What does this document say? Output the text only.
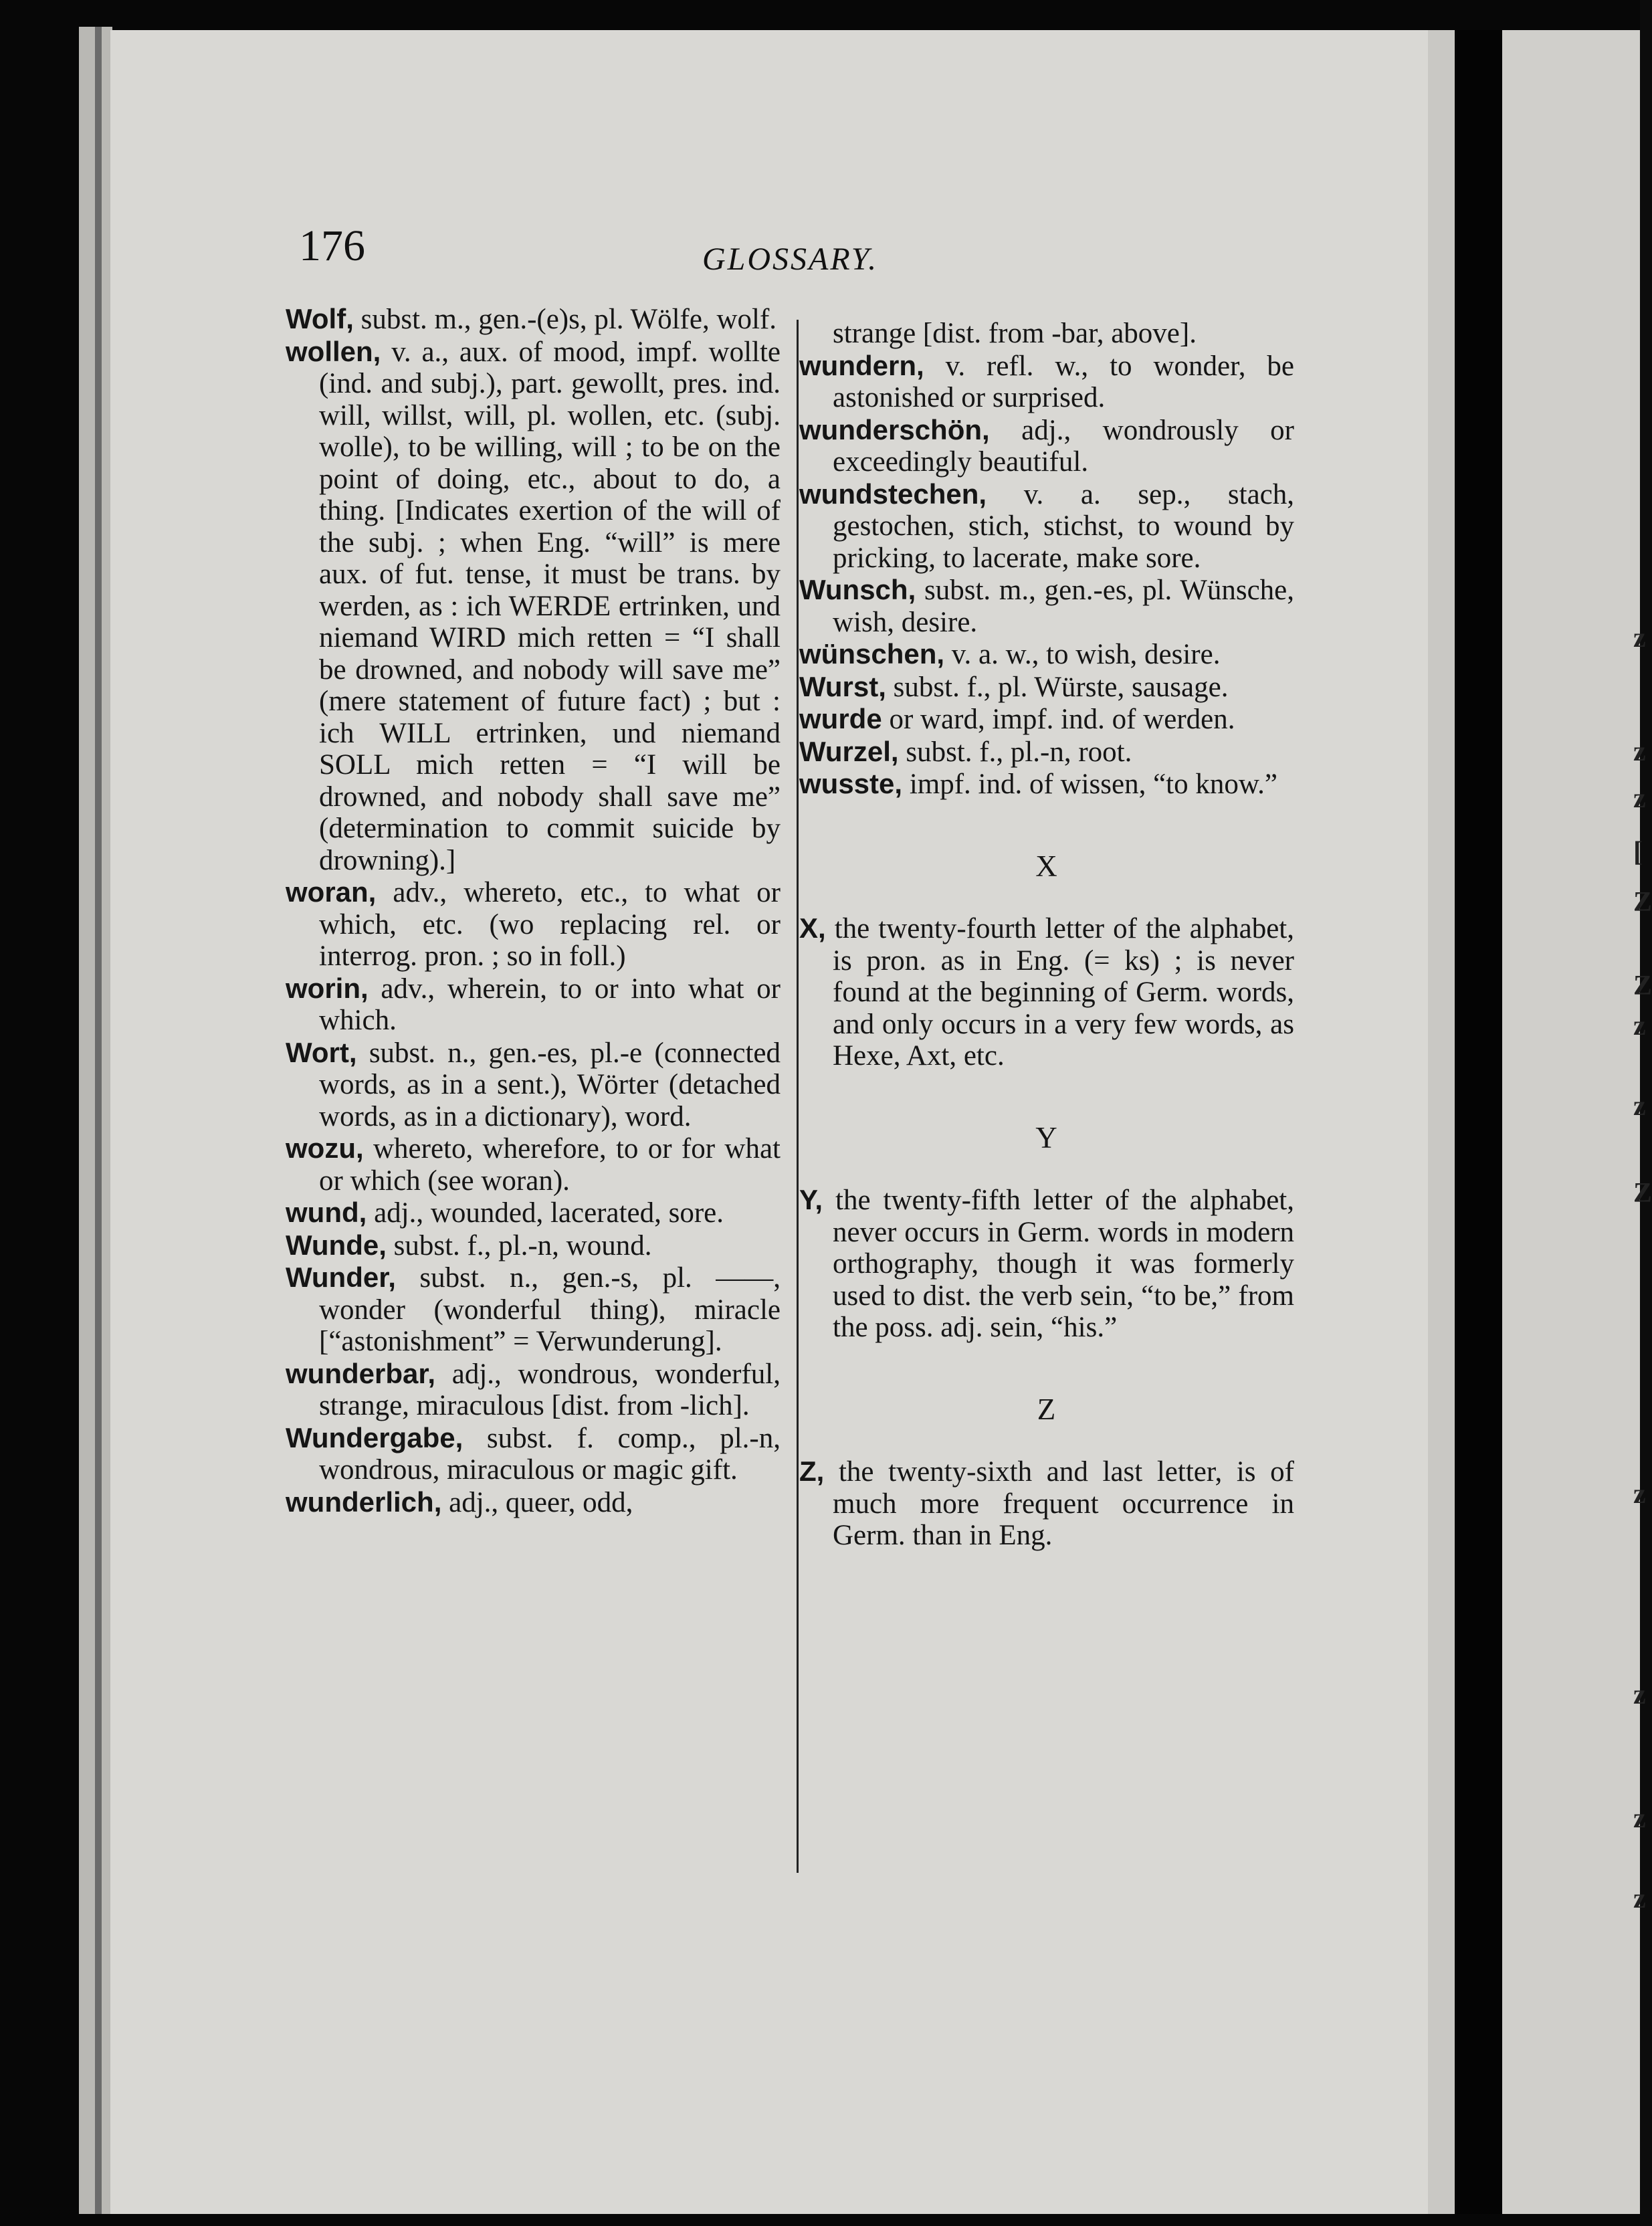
z
z
z
[
Z
Z
z
z
Z
z
z
z
z
176	GLOSSARY.

Wolf, subst. m., gen.-(e)s, pl. Wölfe, wolf.

wollen, v. a., aux. of mood, impf. wollte (ind. and subj.), part. gewollt, pres. ind. will, willst, will, pl. wollen, etc. (subj. wolle), to be willing, will ; to be on the point of doing, etc., about to do, a thing. [Indicates exertion of the will of the subj. ; when Eng. “will” is mere aux. of fut. tense, it must be trans. by werden, as : ich WERDE ertrinken, und niemand WIRD mich retten = “I shall be drowned, and nobody will save me” (mere statement of future fact) ; but : ich WILL ertrinken, und niemand SOLL mich retten = “I will be drowned, and nobody shall save me” (determination to commit suicide by drowning).]

woran, adv., whereto, etc., to what or which, etc. (wo replacing rel. or interrog. pron. ; so in foll.)

worin, adv., wherein, to or into what or which.

Wort, subst. n., gen.-es, pl.-e (connected words, as in a sent.), Wörter (detached words, as in a dictionary), word.

wozu, whereto, wherefore, to or for what or which (see woran).

wund, adj., wounded, lacerated, sore.

Wunde, subst. f., pl.-n, wound.

Wunder, subst. n., gen.-s, pl. ——, wonder (wonderful thing), miracle [“astonishment” = Verwunderung].

wunderbar, adj., wondrous, wonderful, strange, miraculous [dist. from -lich].

Wundergabe, subst. f. comp., pl.-n, wondrous, miraculous or magic gift.

wunderlich, adj., queer, odd,

strange [dist. from -bar, above].

wundern, v. refl. w., to wonder, be astonished or surprised.

wunderschön, adj., wondrously or exceedingly beautiful.

wundstechen, v. a. sep., stach, gestochen, stich, stichst, to wound by pricking, to lacerate, make sore.

Wunsch, subst. m., gen.-es, pl. Wünsche, wish, desire.

wünschen, v. a. w., to wish, desire.

Wurst, subst. f., pl. Würste, sausage.

wurde or ward, impf. ind. of werden.

Wurzel, subst. f., pl.-n, root.

wusste, impf. ind. of wissen, “to know.”

X

X, the twenty-fourth letter of the alphabet, is pron. as in Eng. (= ks) ; is never found at the beginning of Germ. words, and only occurs in a very few words, as Hexe, Axt, etc.

Y

Y, the twenty-fifth letter of the alphabet, never occurs in Germ. words in modern orthography, though it was formerly used to dist. the verb sein, “to be,” from the poss. adj. sein, “his.”

Z

Z, the twenty-sixth and last letter, is of much more frequent occurrence in Germ. than in Eng.
